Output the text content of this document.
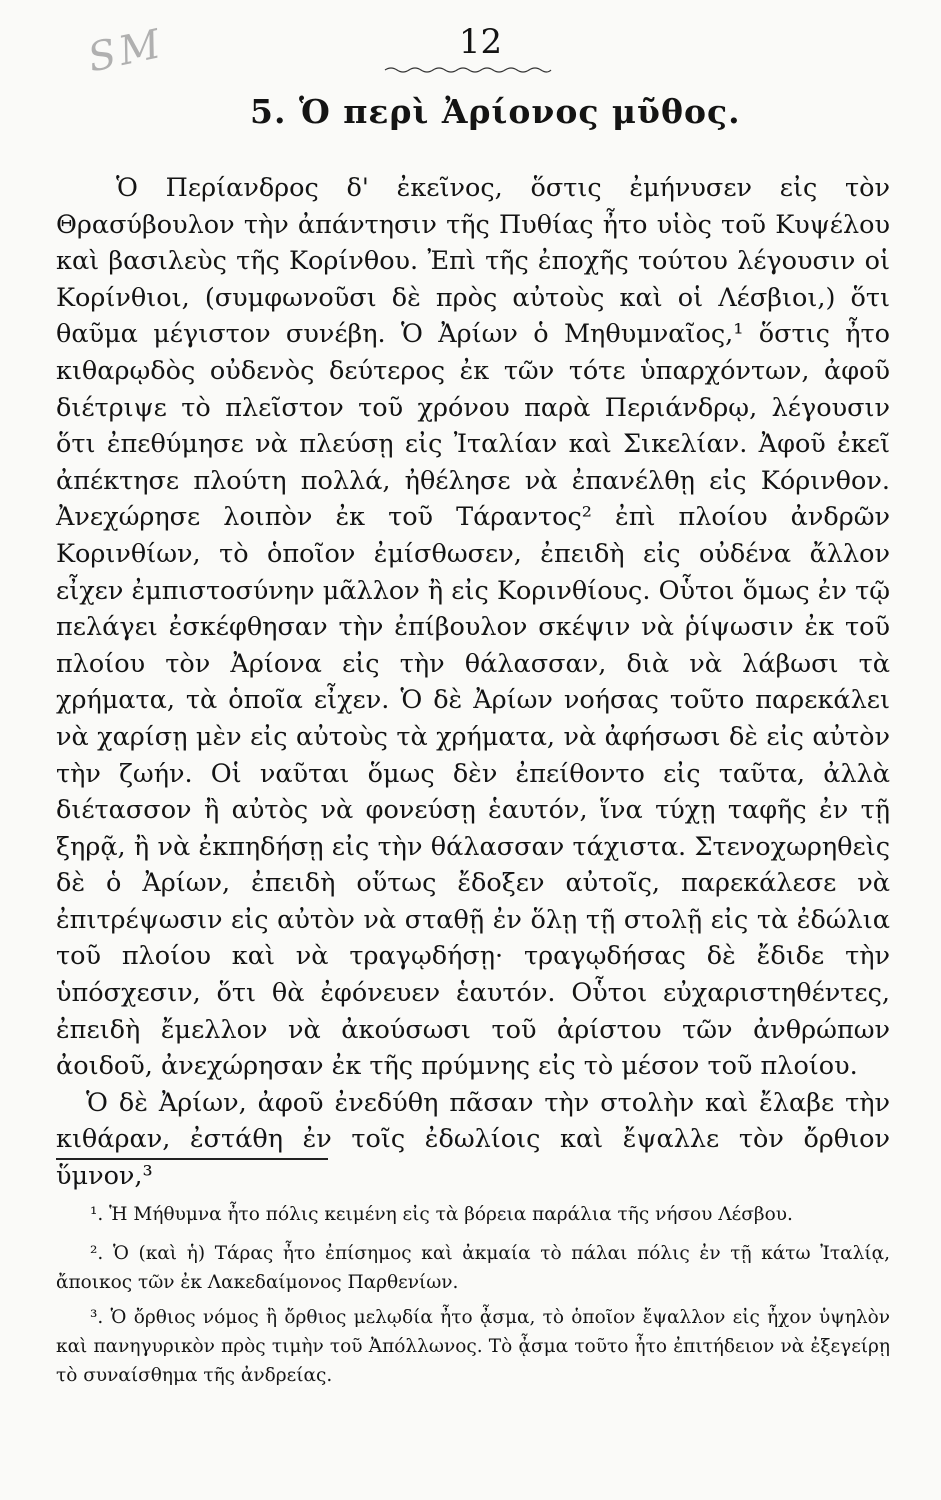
SM	12
5. Ὁ περὶ Ἀρίονος μῦθος.

Ὁ Περίανδρος δ' ἐκεῖνος, ὅστις ἐμήνυσεν εἰς τὸν Θρασύβουλον τὴν ἀπάντησιν τῆς Πυθίας ἦτο υἱὸς τοῦ Κυψέλου καὶ βασιλεὺς τῆς Κορίνθου. Ἐπὶ τῆς ἐποχῆς τούτου λέγουσιν οἱ Κορίνθιοι, (συμφωνοῦσι δὲ πρὸς αὐτοὺς καὶ οἱ Λέσβιοι,) ὅτι θαῦμα μέγιστον συνέβη. Ὁ Ἀρίων ὁ Μηθυμναῖος,¹ ὅστις ἦτο κιθαρῳδὸς οὐδενὸς δεύτερος ἐκ τῶν τότε ὑπαρχόντων, ἀφοῦ διέτριψε τὸ πλεῖστον τοῦ χρόνου παρὰ Περιάνδρῳ, λέγουσιν ὅτι ἐπεθύμησε νὰ πλεύσῃ εἰς Ἰταλίαν καὶ Σικελίαν. Ἀφοῦ ἐκεῖ ἀπέκτησε πλούτη πολλά, ἠθέλησε νὰ ἐπανέλθῃ εἰς Κόρινθον. Ἀνεχώρησε λοιπὸν ἐκ τοῦ Τάραντος² ἐπὶ πλοίου ἀνδρῶν Κορινθίων, τὸ ὁποῖον ἐμίσθωσεν, ἐπειδὴ εἰς οὐδένα ἄλλον εἶχεν ἐμπιστοσύνην μᾶλλον ἢ εἰς Κορινθίους. Οὗτοι ὅμως ἐν τῷ πελάγει ἐσκέφθησαν τὴν ἐπίβουλον σκέψιν νὰ ῥίψωσιν ἐκ τοῦ πλοίου τὸν Ἀρίονα εἰς τὴν θάλασσαν, διὰ νὰ λάβωσι τὰ χρήματα, τὰ ὁποῖα εἶχεν. Ὁ δὲ Ἀρίων νοήσας τοῦτο παρεκάλει νὰ χαρίσῃ μὲν εἰς αὐτοὺς τὰ χρήματα, νὰ ἀφήσωσι δὲ εἰς αὐτὸν τὴν ζωήν. Οἱ ναῦται ὅμως δὲν ἐπείθοντο εἰς ταῦτα, ἀλλὰ διέτασσον ἢ αὐτὸς νὰ φονεύσῃ ἑαυτόν, ἵνα τύχῃ ταφῆς ἐν τῇ ξηρᾷ, ἢ νὰ ἐκπηδήσῃ εἰς τὴν θάλασσαν τάχιστα. Στενοχωρηθεὶς δὲ ὁ Ἀρίων, ἐπειδὴ οὕτως ἔδοξεν αὐτοῖς, παρεκάλεσε νὰ ἐπιτρέψωσιν εἰς αὐτὸν νὰ σταθῇ ἐν ὅλῃ τῇ στολῇ εἰς τὰ ἐδώλια τοῦ πλοίου καὶ νὰ τραγῳδήσῃ· τραγῳδήσας δὲ ἔδιδε τὴν ὑπόσχεσιν, ὅτι θὰ ἐφόνευεν ἑαυτόν. Οὗτοι εὐχαριστηθέντες, ἐπειδὴ ἔμελλον νὰ ἀκούσωσι τοῦ ἀρίστου τῶν ἀνθρώπων ἀοιδοῦ, ἀνεχώρησαν ἐκ τῆς πρύμνης εἰς τὸ μέσον τοῦ πλοίου.

Ὁ δὲ Ἀρίων, ἀφοῦ ἐνεδύθη πᾶσαν τὴν στολὴν καὶ ἔλαβε τὴν κιθάραν, ἐστάθη ἐν τοῖς ἐδωλίοις καὶ ἔψαλλε τὸν ὄρθιον ὕμνον,³

¹. Ἡ Μήθυμνα ἦτο πόλις κειμένη εἰς τὰ βόρεια παράλια τῆς νήσου Λέσβου.

². Ὁ (καὶ ἡ) Τάρας ἦτο ἐπίσημος καὶ ἀκμαία τὸ πάλαι πόλις ἐν τῇ κάτω Ἰταλίᾳ, ἄποικος τῶν ἐκ Λακεδαίμονος Παρθενίων.

³. Ὁ ὄρθιος νόμος ἢ ὄρθιος μελῳδία ἦτο ᾆσμα, τὸ ὁποῖον ἔψαλλον εἰς ἦχον ὑψηλὸν καὶ πανηγυρικὸν πρὸς τιμὴν τοῦ Ἀπόλλωνος. Τὸ ᾆσμα τοῦτο ἦτο ἐπιτήδειον νὰ ἐξεγείρῃ τὸ συναίσθημα τῆς ἀνδρείας.
